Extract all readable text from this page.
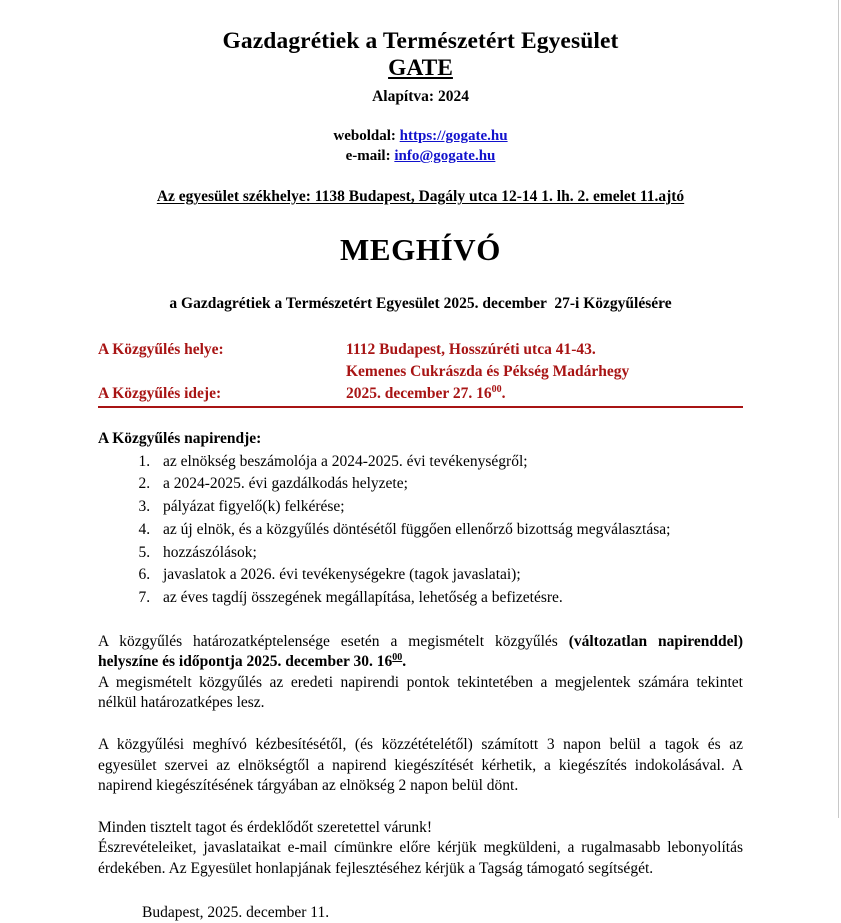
Gazdagrétiek a Természetért Egyesület
GATE
Alapítva: 2024
weboldal: https://gogate.hu
e-mail: info@gogate.hu
Az egyesület székhelye: 1138 Budapest, Dagály utca 12-14 1. lh. 2. emelet 11.ajtó
MEGHÍVÓ
a Gazdagrétiek a Természetért Egyesület 2025. december  27-i Közgyűlésére
A Közgyűlés helye:	1112 Budapest, Hosszúréti utca 41-43.
Kemenes Cukrászda és Pékség Madárhegy
A Közgyűlés ideje:	2025. december 27. $16^{00}$.
A Közgyűlés napirendje:
1. az elnökség beszámolója a 2024-2025. évi tevékenységről;
2. a 2024-2025. évi gazdálkodás helyzete;
3. pályázat figyelő(k) felkérése;
4. az új elnök, és a közgyűlés döntésétől függően ellenőrző bizottság megválasztása;
5. hozzászólások;
6. javaslatok a 2026. évi tevékenységekre (tagok javaslatai);
7. az éves tagdíj összegének megállapítása, lehetőség a befizetésre.

A közgyűlés határozatképtelensége esetén a megismételt közgyűlés (változatlan napirenddel) helyszíne és időpontja 2025. december 30. $16^{00}$.

A megismételt közgyűlés az eredeti napirendi pontok tekintetében a megjelentek számára tekintet nélkül határozatképes lesz.

A közgyűlési meghívó kézbesítésétől, (és közzétételétől) számított 3 napon belül a tagok és az egyesület szervei az elnökségtől a napirend kiegészítését kérhetik, a kiegészítés indokolásával. A napirend kiegészítésének tárgyában az elnökség 2 napon belül dönt.

Minden tisztelt tagot és érdeklődőt szeretettel várunk!

Észrevételeiket, javaslataikat e-mail címünkre előre kérjük megküldeni, a rugalmasabb lebonyolítás érdekében. Az Egyesület honlapjának fejlesztéséhez kérjük a Tagság támogató segítségét.

Budapest, 2025. december 11.
